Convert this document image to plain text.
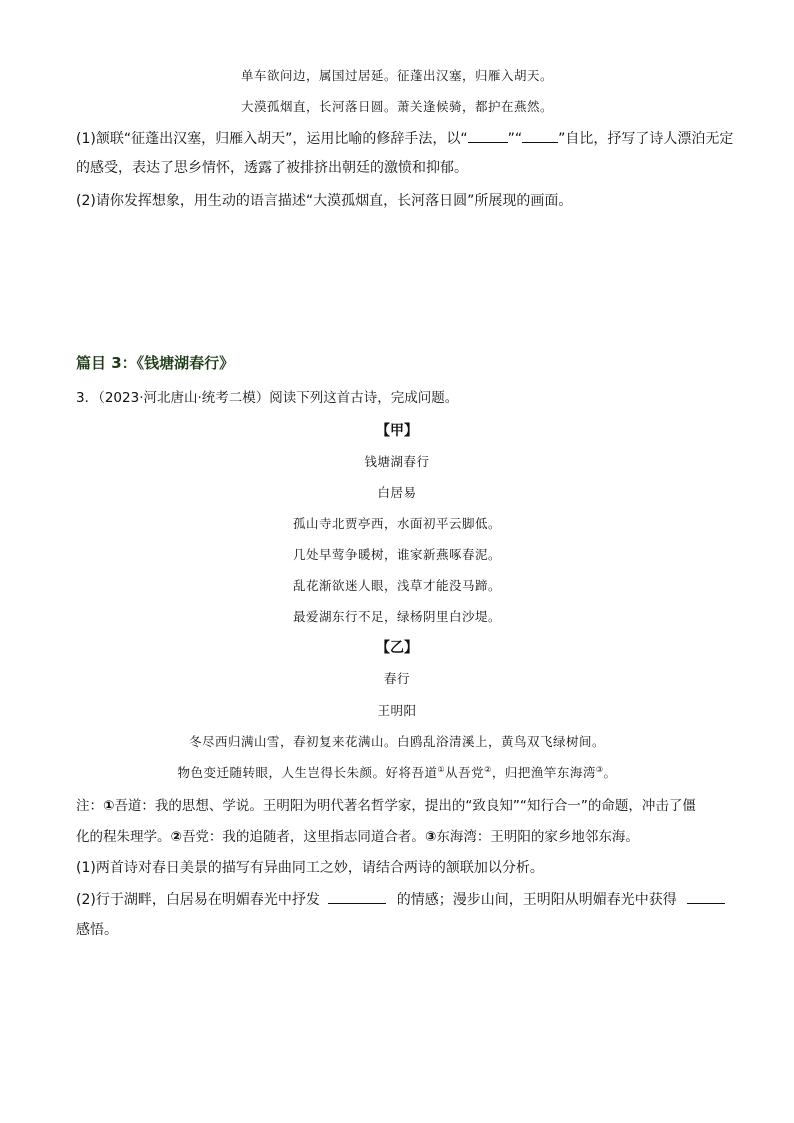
单车欲问边，属国过居延。征蓬出汉塞，归雁入胡天。
大漠孤烟直，长河落日圆。萧关逢候骑，都护在燕然。
(1)颔联“征蓬出汉塞，归雁入胡天”，运用比喻的修辞手法，以“	”“	”自比，抒写了诗人漂泊无定
的感受，表达了思乡情怀，透露了被排挤出朝廷的激愤和抑郁。
(2)请你发挥想象，用生动的语言描述“大漠孤烟直，长河落日圆”所展现的画面。
篇目 3：《钱塘湖春行》
3．（2023·河北唐山·统考二模）阅读下列这首古诗，完成问题。
【甲】
钱塘湖春行
白居易
孤山寺北贾亭西，水面初平云脚低。
几处早莺争暖树，谁家新燕啄春泥。
乱花渐欲迷人眼，浅草才能没马蹄。
最爱湖东行不足，绿杨阴里白沙堤。
【乙】
春行
王明阳
冬尽西归满山雪，春初复来花满山。白鸥乱浴清溪上，黄鸟双飞绿树间。
物色变迁随转眼，人生岂得长朱颜。好将吾道①从吾党②，归把渔竿东海湾③。
注：①吾道：我的思想、学说。王明阳为明代著名哲学家，提出的“致良知”“知行合一”的命题，冲击了僵
化的程朱理学。②吾党：我的追随者，这里指志同道合者。③东海湾：王明阳的家乡地邻东海。
(1)两首诗对春日美景的描写有异曲同工之妙，请结合两诗的颔联加以分析。
(2)行于湖畔，白居易在明媚春光中抒发	的情感；漫步山间，王明阳从明媚春光中获得
感悟。
